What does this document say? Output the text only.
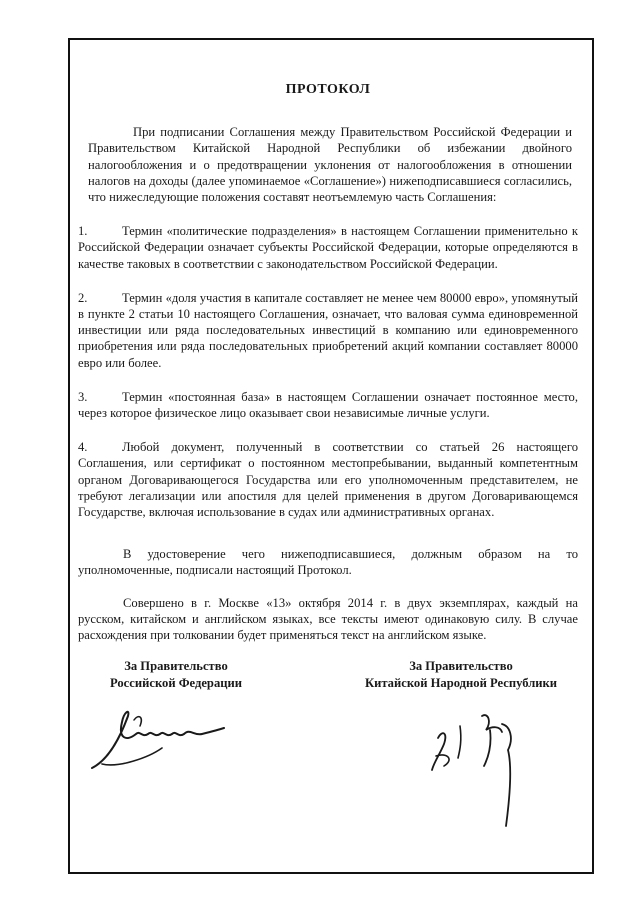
ПРОТОКОЛ

При подписании Соглашения между Правительством Российской Федерации и Правительством Китайской Народной Республики об избежании двойного налогообложения и о предотвращении уклонения от налогообложения в отношении налогов на доходы (далее упоминаемое «Соглашение») нижеподписавшиеся согласились, что нижеследующие положения составят неотъемлемую часть Соглашения:

1.	Термин «политические подразделения» в настоящем Соглашении применительно к Российской Федерации означает субъекты Российской Федерации, которые определяются в качестве таковых в соответствии с законодательством Российской Федерации.

2.	Термин «доля участия в капитале составляет не менее чем 80000 евро», упомянутый в пункте 2 статьи 10 настоящего Соглашения, означает, что валовая сумма единовременной инвестиции или ряда последовательных инвестиций в компанию или единовременного приобретения или ряда последовательных приобретений акций компании составляет 80000 евро или более.

3.	Термин «постоянная база» в настоящем Соглашении означает постоянное место, через которое физическое лицо оказывает свои независимые личные услуги.

4.	Любой документ, полученный в соответствии со статьей 26 настоящего Соглашения, или сертификат о постоянном местопребывании, выданный компетентным органом Договаривающегося Государства или его уполномоченным представителем, не требуют легализации или апостиля для целей применения в другом Договаривающемся Государстве, включая использование в судах или административных органах.

В удостоверение чего нижеподписавшиеся, должным образом на то уполномоченные, подписали настоящий Протокол.

Совершено в г. Москве «13» октября 2014 г. в двух экземплярах, каждый на русском, китайском и английском языках, все тексты имеют одинаковую силу. В случае расхождения при толковании будет применяться текст на английском языке.

За Правительство
Российской Федерации
За Правительство
Китайской Народной Республики
